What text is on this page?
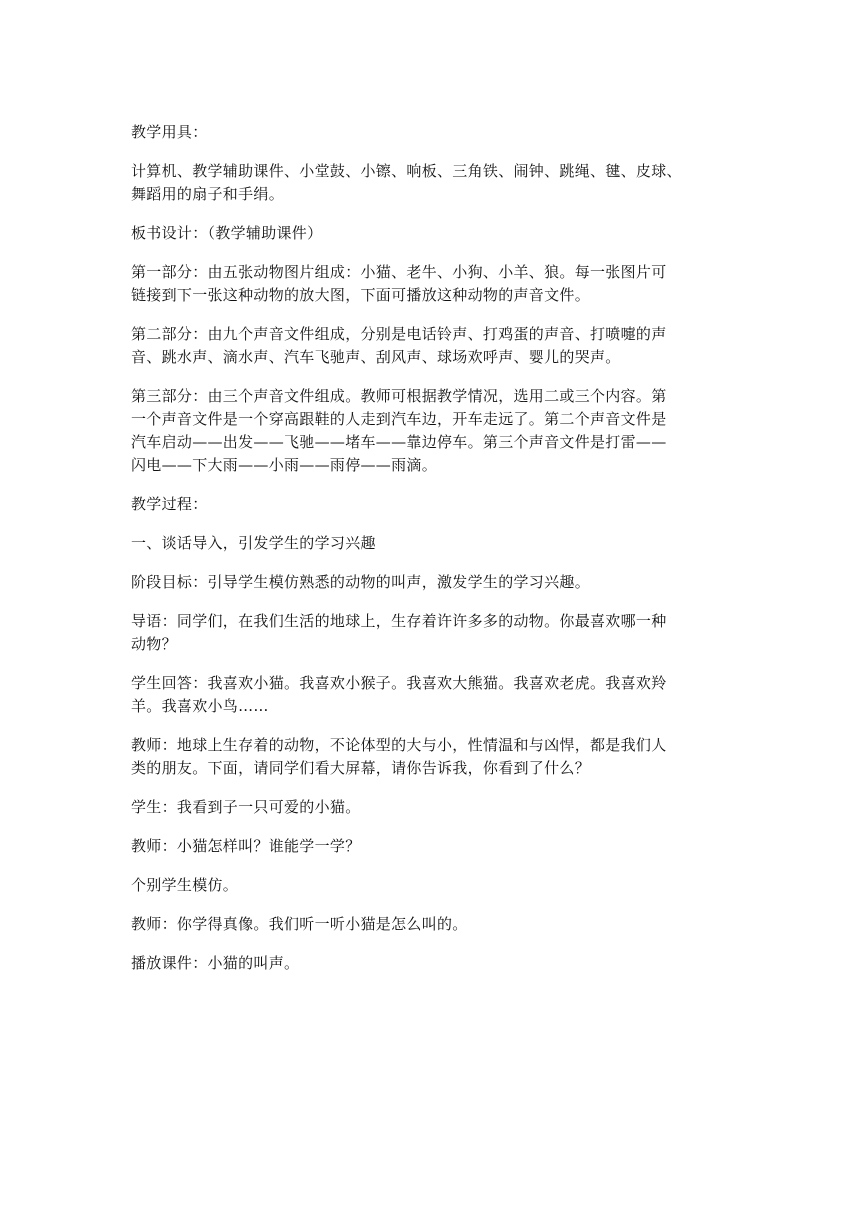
教学用具：

计算机、教学辅助课件、小堂鼓、小镲、响板、三角铁、闹钟、跳绳、毽、皮球、
舞蹈用的扇子和手绢。

板书设计：（教学辅助课件）

第一部分：由五张动物图片组成：小猫、老牛、小狗、小羊、狼。每一张图片可
链接到下一张这种动物的放大图，下面可播放这种动物的声音文件。

第二部分：由九个声音文件组成，分别是电话铃声、打鸡蛋的声音、打喷嚏的声
音、跳水声、滴水声、汽车飞驰声、刮风声、球场欢呼声、婴儿的哭声。

第三部分：由三个声音文件组成。教师可根据教学情况，选用二或三个内容。第
一个声音文件是一个穿高跟鞋的人走到汽车边，开车走远了。第二个声音文件是
汽车启动——出发——飞驰——堵车——靠边停车。第三个声音文件是打雷——
闪电——下大雨——小雨——雨停——雨滴。

教学过程：

一、谈话导入，引发学生的学习兴趣

阶段目标：引导学生模仿熟悉的动物的叫声，激发学生的学习兴趣。

导语：同学们，在我们生活的地球上，生存着许许多多的动物。你最喜欢哪一种
动物？

学生回答：我喜欢小猫。我喜欢小猴子。我喜欢大熊猫。我喜欢老虎。我喜欢羚
羊。我喜欢小鸟……

教师：地球上生存着的动物，不论体型的大与小，性情温和与凶悍，都是我们人
类的朋友。下面，请同学们看大屏幕，请你告诉我，你看到了什么？

学生：我看到子一只可爱的小猫。

教师：小猫怎样叫？谁能学一学？

个别学生模仿。

教师：你学得真像。我们听一听小猫是怎么叫的。

播放课件：小猫的叫声。
